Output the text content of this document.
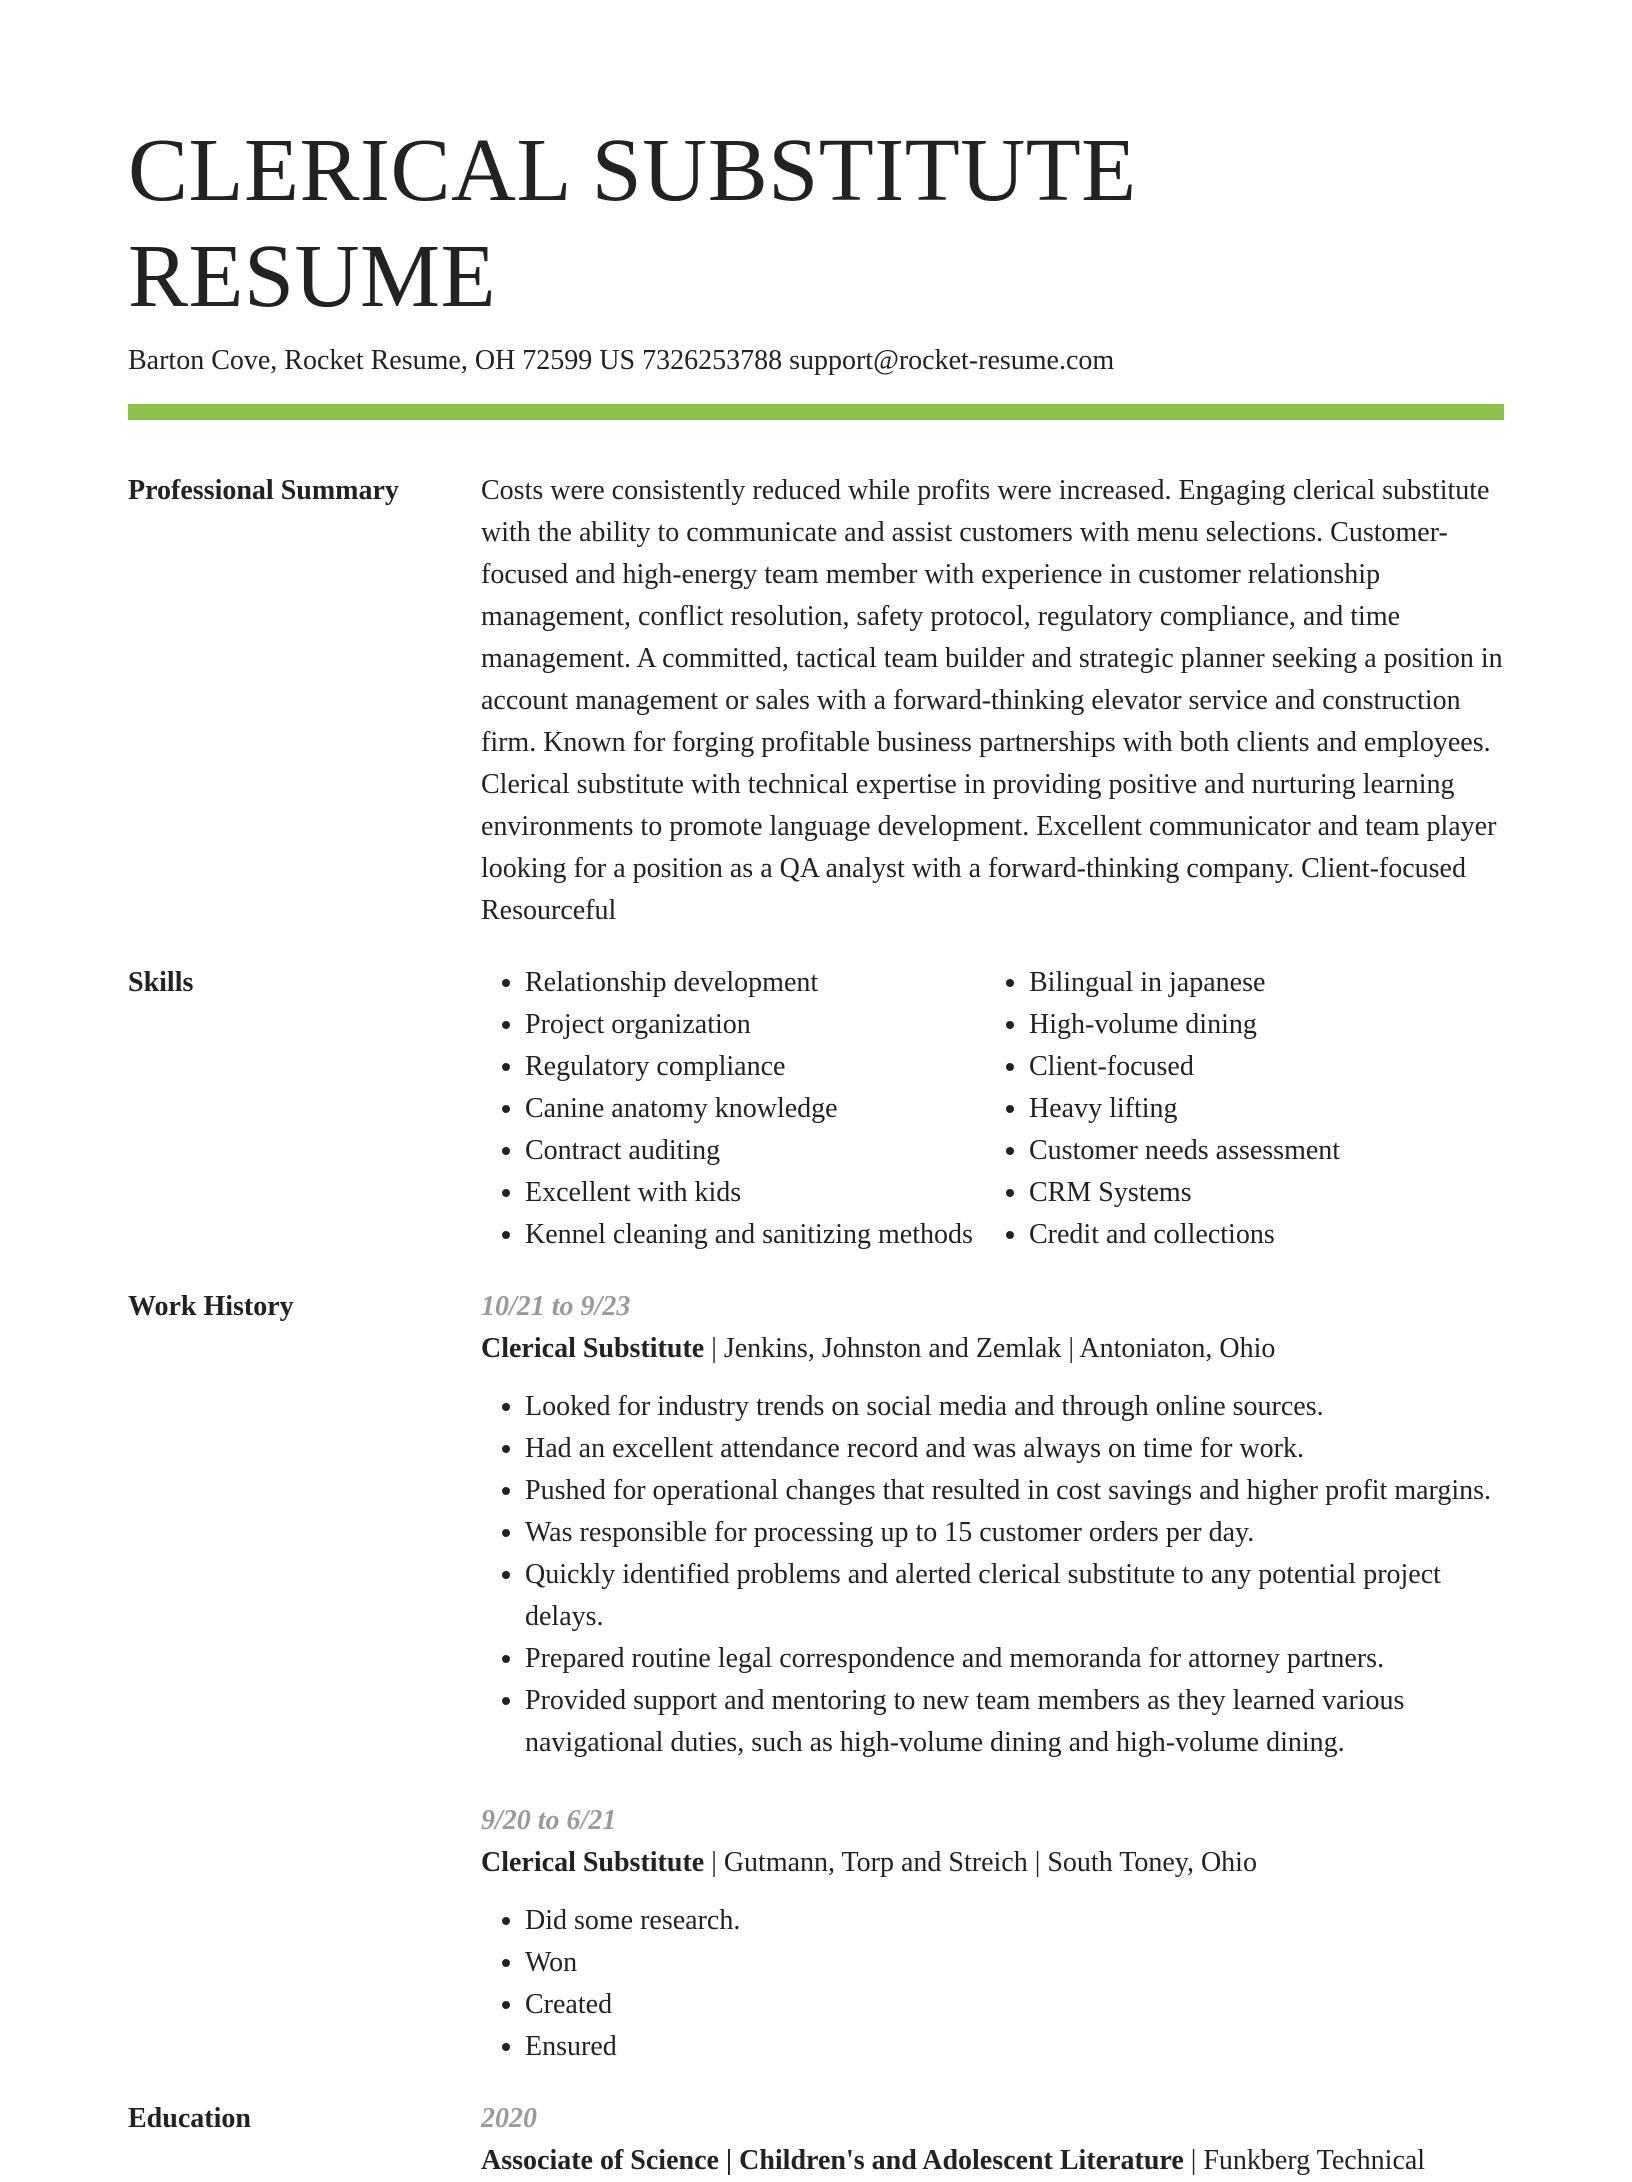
CLERICAL SUBSTITUTE RESUME
Barton Cove, Rocket Resume, OH 72599 US 7326253788 support@rocket-resume.com
Professional Summary	Costs were consistently reduced while profits were increased. Engaging clerical substitute with the ability to communicate and assist customers with menu selections. Customer-focused and high-energy team member with experience in customer relationship management, conflict resolution, safety protocol, regulatory compliance, and time management. A committed, tactical team builder and strategic planner seeking a position in account management or sales with a forward-thinking elevator service and construction firm. Known for forging profitable business partnerships with both clients and employees. Clerical substitute with technical expertise in providing positive and nurturing learning environments to promote language development. Excellent communicator and team player looking for a position as a QA analyst with a forward-thinking company. Client-focused Resourceful

Skills
•	Relationship development
• Project organization
• Regulatory compliance
• Canine anatomy knowledge
• Contract auditing
• Excellent with kids
• Kennel cleaning and sanitizing methods
• Bilingual in japanese
• High-volume dining
• Client-focused
• Heavy lifting
• Customer needs assessment
• CRM Systems
• Credit and collections
Work History	10/21 to 9/23
Clerical Substitute | Jenkins, Johnston and Zemlak | Antoniaton, Ohio
• Looked for industry trends on social media and through online sources.
• Had an excellent attendance record and was always on time for work.
• Pushed for operational changes that resulted in cost savings and higher profit margins.
• Was responsible for processing up to 15 customer orders per day.
• Quickly identified problems and alerted clerical substitute to any potential project delays.
• Prepared routine legal correspondence and memoranda for attorney partners.
• Provided support and mentoring to new team members as they learned various navigational duties, such as high-volume dining and high-volume dining.
9/20 to 6/21
Clerical Substitute | Gutmann, Torp and Streich | South Toney, Ohio
• Did some research.
• Won
• Created
• Ensured
Education	2020
Associate of Science | Children's and Adolescent Literature | Funkberg Technical
